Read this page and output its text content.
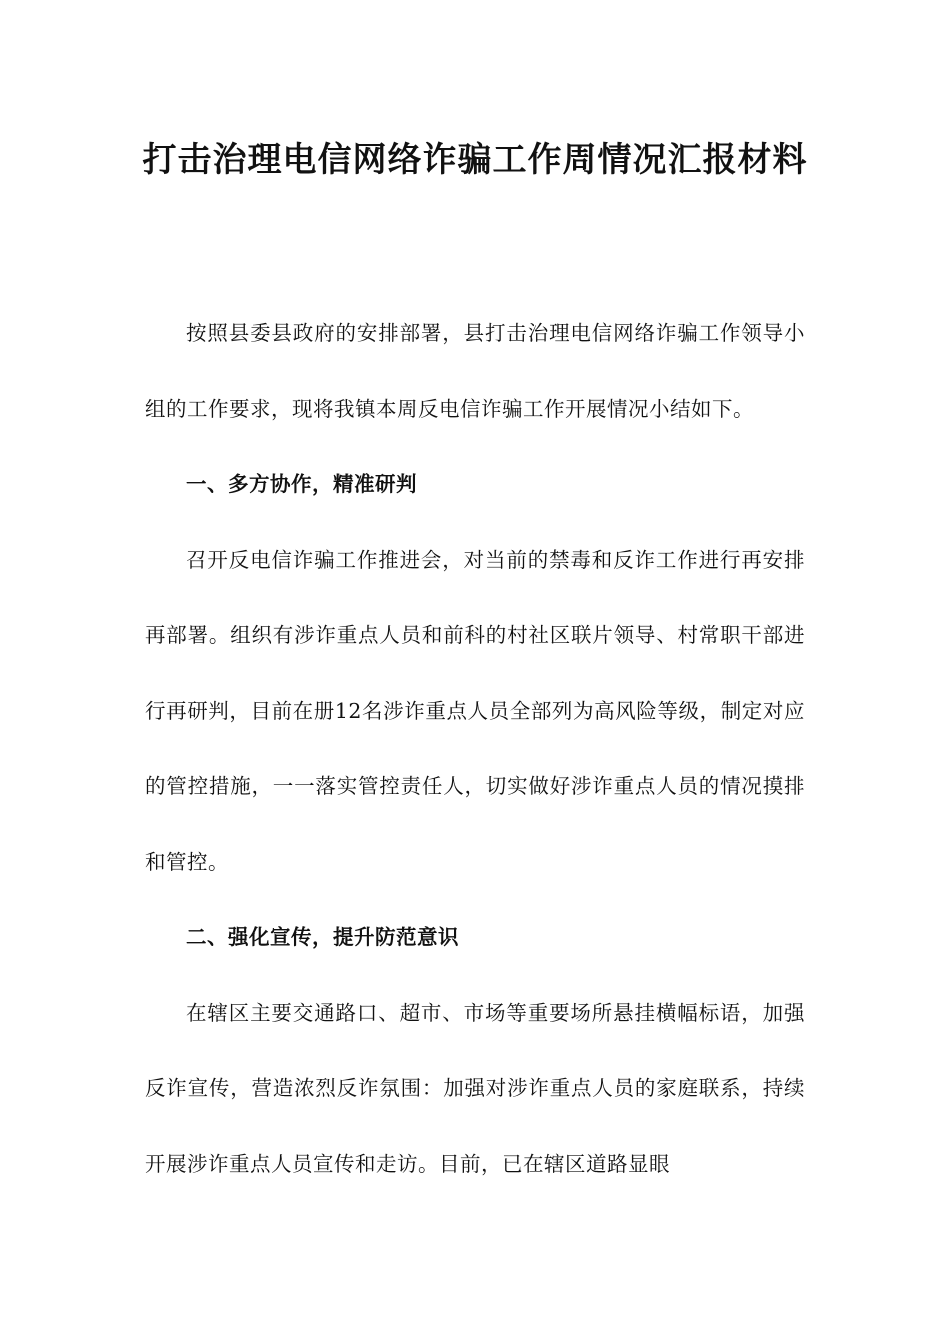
打击治理电信网络诈骗工作周情况汇报材料

按照县委县政府的安排部署，县打击治理电信网络诈骗工作领导小组的工作要求，现将我镇本周反电信诈骗工作开展情况小结如下。

一、多方协作，精准研判

召开反电信诈骗工作推进会，对当前的禁毒和反诈工作进行再安排再部署。组织有涉诈重点人员和前科的村社区联片领导、村常职干部进行再研判，目前在册12名涉诈重点人员全部列为高风险等级，制定对应的管控措施，一一落实管控责任人，切实做好涉诈重点人员的情况摸排和管控。

二、强化宣传，提升防范意识

在辖区主要交通路口、超市、市场等重要场所悬挂横幅标语，加强反诈宣传，营造浓烈反诈氛围：加强对涉诈重点人员的家庭联系，持续开展涉诈重点人员宣传和走访。目前，已在辖区道路显眼
